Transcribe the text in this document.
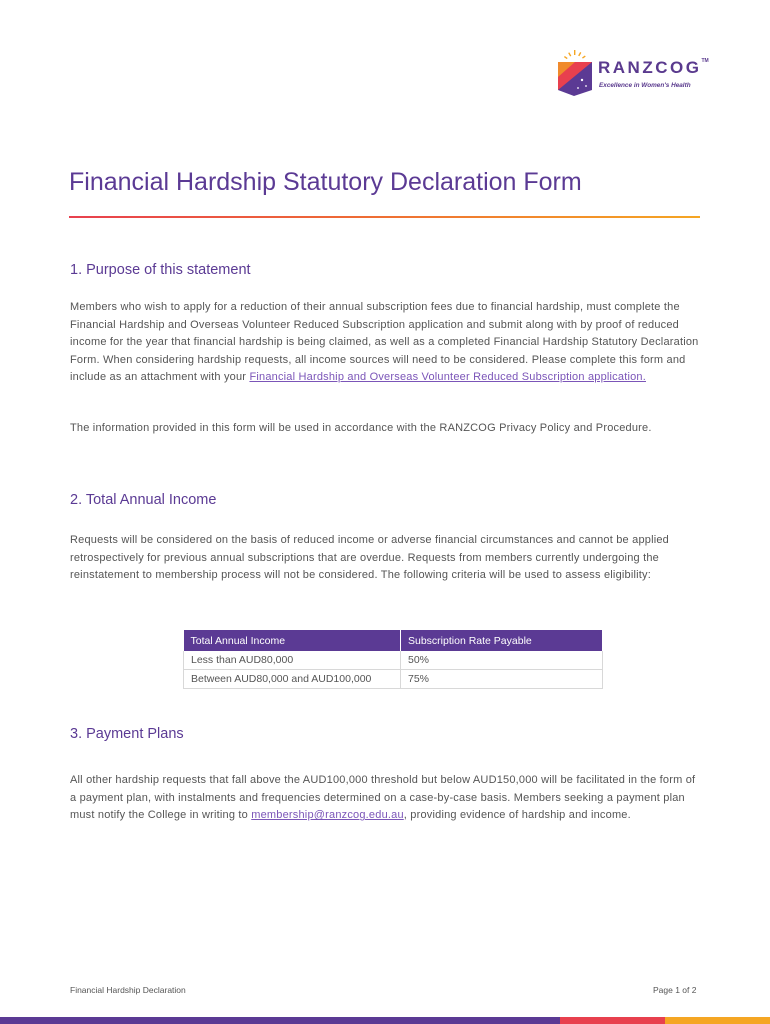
RANZCOG™
Excellence in Women's Health
Financial Hardship Statutory Declaration Form
1. Purpose of this statement

Members who wish to apply for a reduction of their annual subscription fees due to financial hardship, must complete the Financial Hardship and Overseas Volunteer Reduced Subscription application and submit along with by proof of reduced income for the year that financial hardship is being claimed, as well as a completed Financial Hardship Statutory Declaration Form. When considering hardship requests, all income sources will need to be considered. Please complete this form and include as an attachment with your Financial Hardship and Overseas Volunteer Reduced Subscription application.

The information provided in this form will be used in accordance with the RANZCOG Privacy Policy and Procedure.

2. Total Annual Income

Requests will be considered on the basis of reduced income or adverse financial circumstances and cannot be applied retrospectively for previous annual subscriptions that are overdue. Requests from members currently undergoing the reinstatement to membership process will not be considered. The following criteria will be used to assess eligibility:

Total Annual Income	Subscription Rate Payable
Less than AUD80,000	50%
Between AUD80,000 and AUD100,000	75%
3. Payment Plans

All other hardship requests that fall above the AUD100,000 threshold but below AUD150,000 will be facilitated in the form of a payment plan, with instalments and frequencies determined on a case-by-case basis. Members seeking a payment plan must notify the College in writing to membership@ranzcog.edu.au, providing evidence of hardship and income.

Financial Hardship Declaration	Page 1 of 2
